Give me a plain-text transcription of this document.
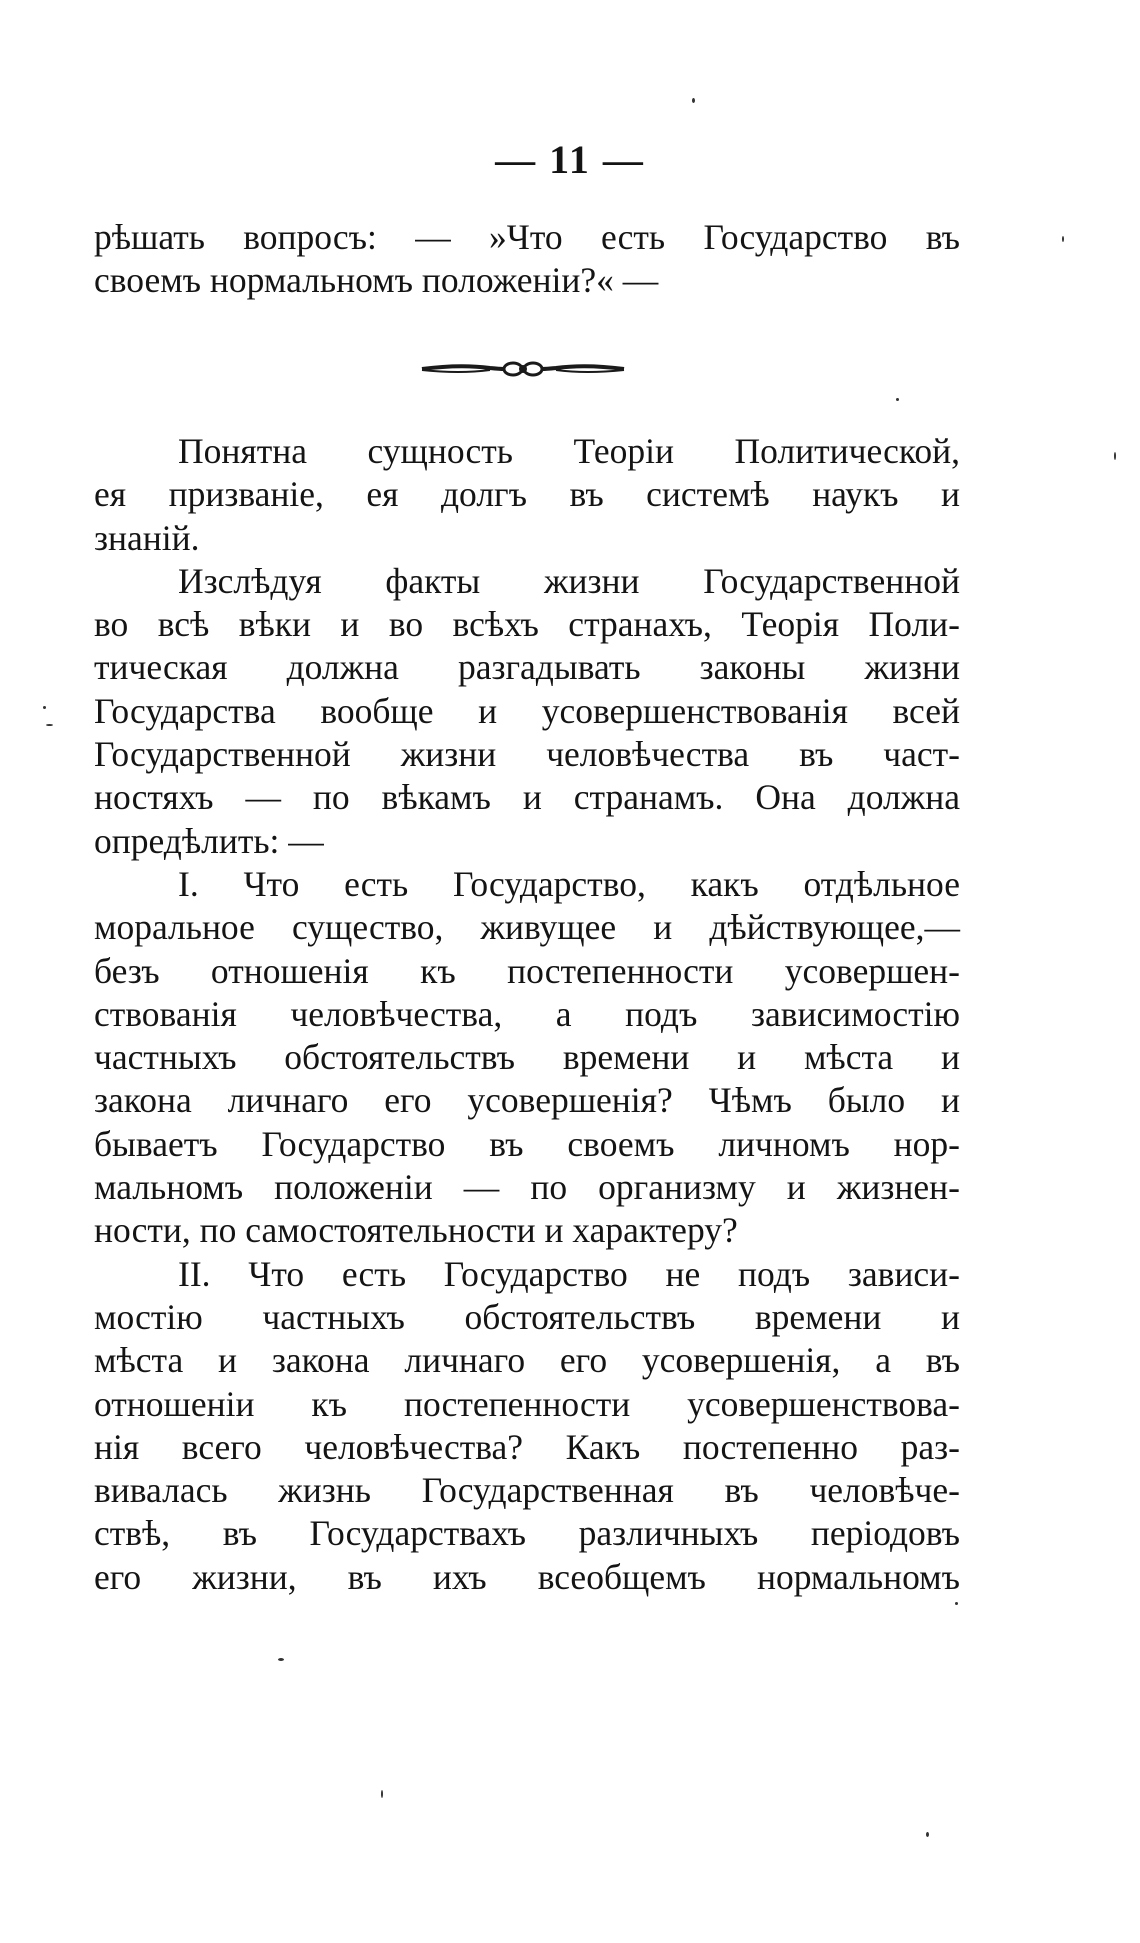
— 11 —
рѣшать вопросъ: — »Что есть Государство въ
своемъ нормальномъ положеніи?« —
Понятна сущность Теоріи Политической,
ея призваніе, ея долгъ въ системѣ наукъ и
знаній.
Изслѣдуя факты жизни Государственной
во всѣ вѣки и во всѣхъ странахъ, Теорія Поли-
тическая должна разгадывать законы жизни
Государства вообще и усовершенствованія всей
Государственной жизни человѣчества въ част-
ностяхъ — по вѣкамъ и странамъ. Она должна
опредѣлить: —
I. Что есть Государство, какъ отдѣльное
моральное существо, живущее и дѣйствующее,—
безъ отношенія къ постепенности усовершен-
ствованія человѣчества, а подъ зависимостію
частныхъ обстоятельствъ времени и мѣста и
закона личнаго его усовершенія? Чѣмъ было и
бываетъ Государство въ своемъ личномъ нор-
мальномъ положеніи — по организму и жизнен-
ности, по самостоятельности и характеру?
II. Что есть Государство не подъ зависи-
мостію частныхъ обстоятельствъ времени и
мѣста и закона личнаго его усовершенія, а въ
отношеніи къ постепенности усовершенствова-
нія всего человѣчества? Какъ постепенно раз-
вивалась жизнь Государственная въ человѣче-
ствѣ, въ Государствахъ различныхъ періодовъ
его жизни, въ ихъ всеобщемъ нормальномъ
